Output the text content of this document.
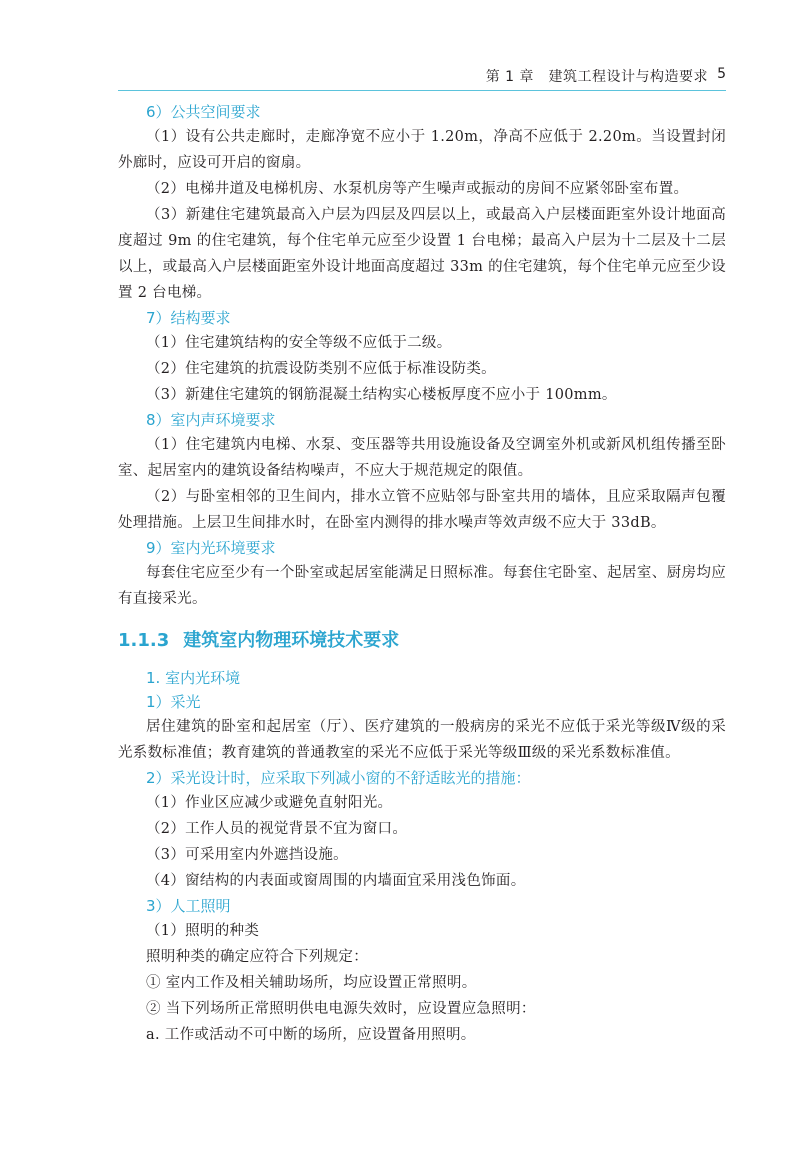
第 1 章　建筑工程设计与构造要求 5
6）公共空间要求
（1）设有公共走廊时，走廊净宽不应小于 1.20m，净高不应低于 2.20m。当设置封闭外廊时，应设可开启的窗扇。
（2）电梯井道及电梯机房、水泵机房等产生噪声或振动的房间不应紧邻卧室布置。
（3）新建住宅建筑最高入户层为四层及四层以上，或最高入户层楼面距室外设计地面高度超过 9m 的住宅建筑，每个住宅单元应至少设置 1 台电梯；最高入户层为十二层及十二层以上，或最高入户层楼面距室外设计地面高度超过 33m 的住宅建筑，每个住宅单元应至少设置 2 台电梯。
7）结构要求
（1）住宅建筑结构的安全等级不应低于二级。
（2）住宅建筑的抗震设防类别不应低于标准设防类。
（3）新建住宅建筑的钢筋混凝土结构实心楼板厚度不应小于 100mm。
8）室内声环境要求
（1）住宅建筑内电梯、水泵、变压器等共用设施设备及空调室外机或新风机组传播至卧室、起居室内的建筑设备结构噪声，不应大于规范规定的限值。
（2）与卧室相邻的卫生间内，排水立管不应贴邻与卧室共用的墙体，且应采取隔声包覆处理措施。上层卫生间排水时，在卧室内测得的排水噪声等效声级不应大于 33dB。
9）室内光环境要求
每套住宅应至少有一个卧室或起居室能满足日照标准。每套住宅卧室、起居室、厨房均应有直接采光。
1.1.3 建筑室内物理环境技术要求
1. 室内光环境
1）采光
居住建筑的卧室和起居室（厅）、医疗建筑的一般病房的采光不应低于采光等级Ⅳ级的采光系数标准值；教育建筑的普通教室的采光不应低于采光等级Ⅲ级的采光系数标准值。
2）采光设计时，应采取下列减小窗的不舒适眩光的措施：
（1）作业区应减少或避免直射阳光。
（2）工作人员的视觉背景不宜为窗口。
（3）可采用室内外遮挡设施。
（4）窗结构的内表面或窗周围的内墙面宜采用浅色饰面。
3）人工照明
（1）照明的种类
照明种类的确定应符合下列规定：
① 室内工作及相关辅助场所，均应设置正常照明。
② 当下列场所正常照明供电电源失效时，应设置应急照明：
a. 工作或活动不可中断的场所，应设置备用照明。
